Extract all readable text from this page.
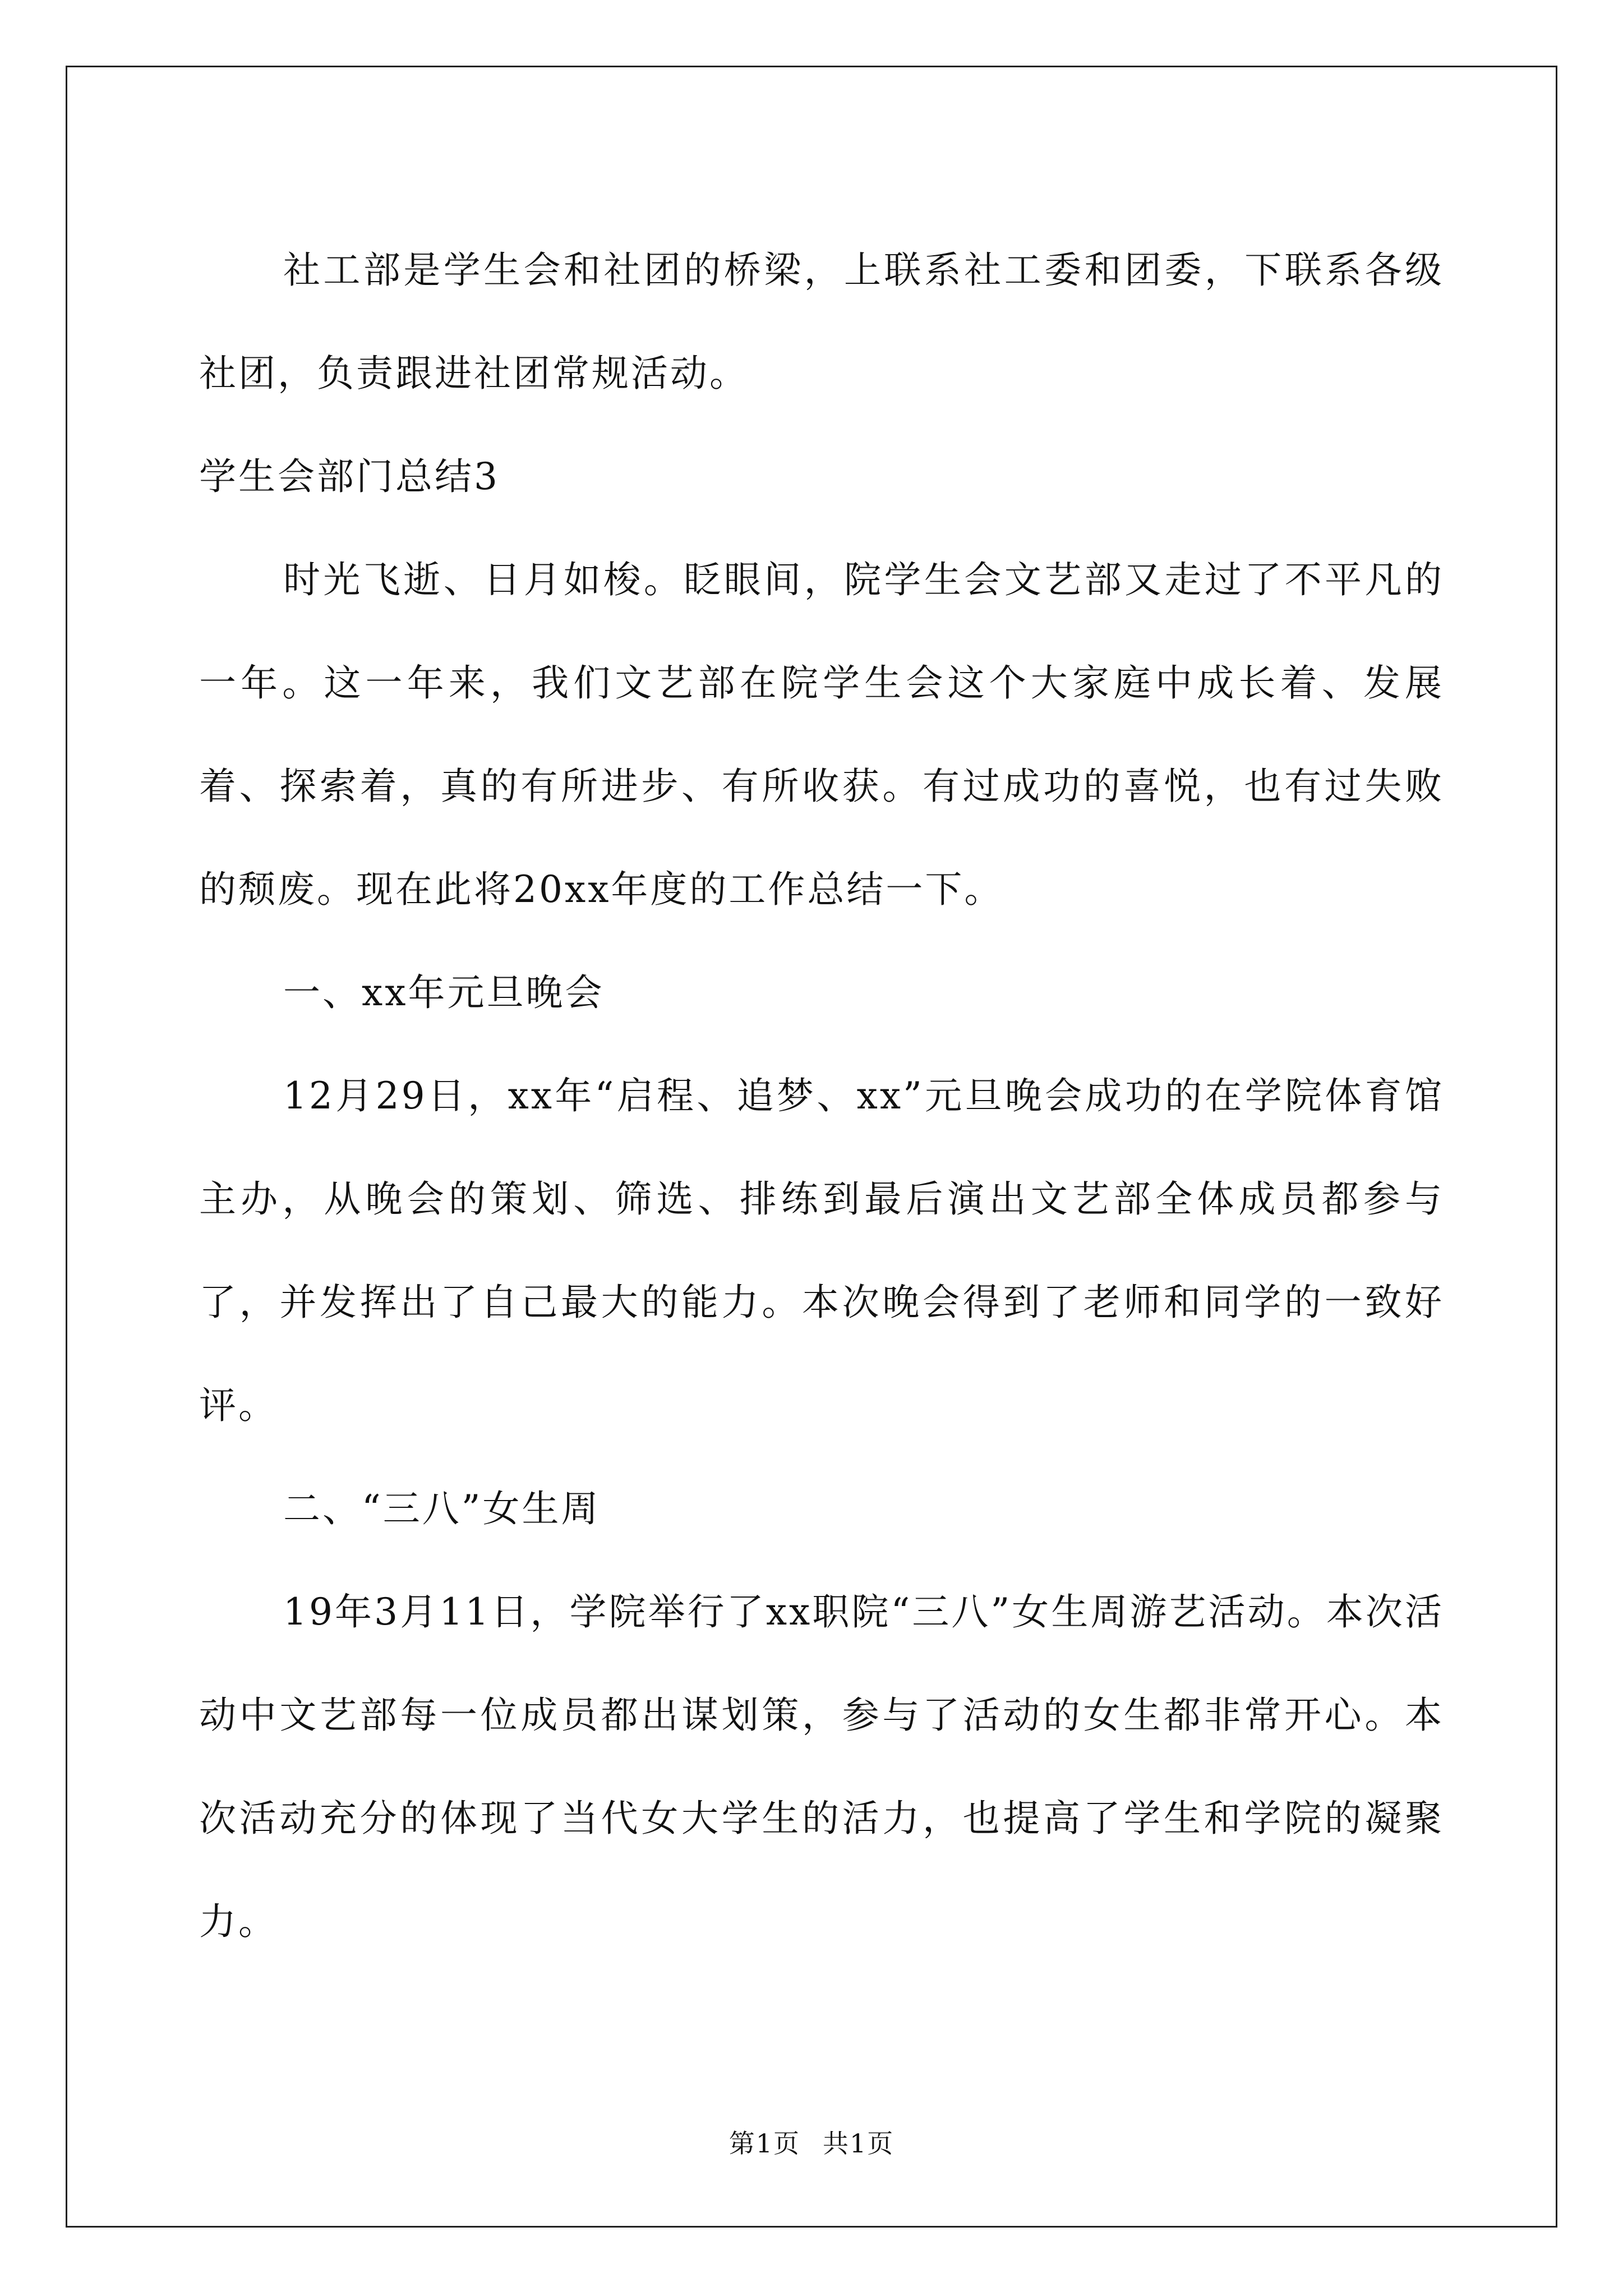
社工部是学生会和社团的桥梁，上联系社工委和团委，下联系各级社团，负责跟进社团常规活动。

学生会部门总结3

时光飞逝、日月如梭。眨眼间，院学生会文艺部又走过了不平凡的一年。这一年来，我们文艺部在院学生会这个大家庭中成长着、发展着、探索着，真的有所进步、有所收获。有过成功的喜悦，也有过失败的颓废。现在此将20xx年度的工作总结一下。

一、xx年元旦晚会

12月29日，xx年“启程、追梦、xx”元旦晚会成功的在学院体育馆主办，从晚会的策划、筛选、排练到最后演出文艺部全体成员都参与了，并发挥出了自己最大的能力。本次晚会得到了老师和同学的一致好评。

二、“三八”女生周

19年3月11日，学院举行了xx职院“三八”女生周游艺活动。本次活动中文艺部每一位成员都出谋划策，参与了活动的女生都非常开心。本次活动充分的体现了当代女大学生的活力，也提高了学生和学院的凝聚力。

第1页 共1页
